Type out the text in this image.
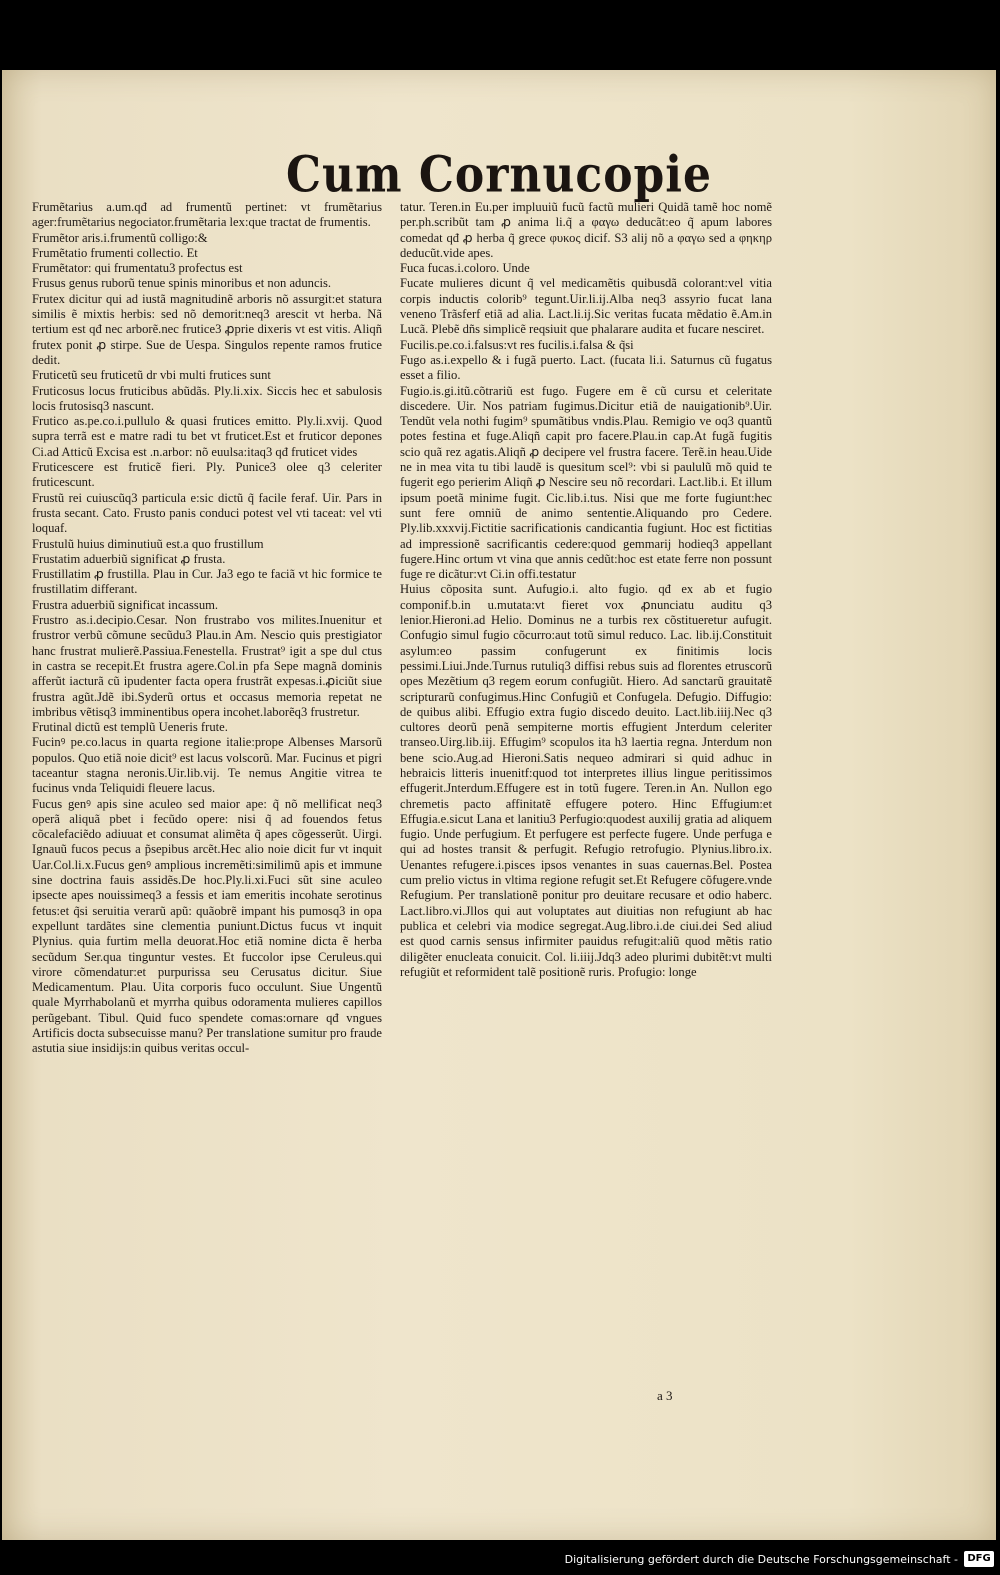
Cum Cornucopie

Frumẽtarius a.um.qđ ad frumentũ pertinet: vt frumẽtarius ager:frumẽtarius negociator.frumẽtaria lex:que tractat de frumentis.

Frumẽtor aris.i.frumentũ colligo:&

Frumẽtatio frumenti collectio. Et

Frumẽtator: qui frumentatu3 profectus est

Frusus genus ruborũ tenue spinis minoribus et non aduncis.

Frutex dicitur qui ad iustã magnitudinẽ arboris nõ assurgit:et statura similis ẽ mixtis herbis: sed nõ demorit:neq3 arescit vt herba. Nã tertium est qđ nec arborẽ.nec frutice3 ꝓprie dixeris vt est vitis. Aliqñ frutex ponit ꝓ stirpe. Sue de Uespa. Singulos repente ramos frutice dedit.

Fruticetũ seu fruticetũ dr vbi multi frutices sunt

Fruticosus locus fruticibus abũdãs. Ply.li.xix. Siccis hec et sabulosis locis frutosisq3 nascunt.

Frutico as.pe.co.i.pullulo & quasi frutices emitto. Ply.li.xvij. Quod supra terrã est e matre radi tu bet vt fruticet.Est et fruticor depones Ci.ad Atticũ Excisa est .n.arbor: nõ euulsa:itaq3 qđ fruticet vides

Fruticescere est fruticẽ fieri. Ply. Punice3 olee q3 celeriter fruticescunt.

Frustũ rei cuiuscũq3 particula e:sic dictũ q̃ facile feraf. Uir. Pars in frusta secant. Cato. Frusto panis conduci potest vel vti taceat: vel vti loquaf.

Frustulũ huius diminutiuũ est.a quo frustillum

Frustatim aduerbiũ significat ꝓ frusta.

Frustillatim ꝓ frustilla. Plau in Cur. Ja3 ego te faciã vt hic formice te frustillatim differant.

Frustra aduerbiũ significat incassum.

Frustro as.i.decipio.Cesar. Non frustrabo vos milites.Inuenitur et frustror verbũ cõmune secũdu3 Plau.in Am. Nescio quis prestigiator hanc frustrat mulierẽ.Passiua.Fenestella. Frustrat⁹ igit a spe dul ctus in castra se recepit.Et frustra agere.Col.in pfa Sepe magnã dominis afferũt iacturã cũ ipudenter facta opera frustrãt expesas.i.ꝓiciũt siue frustra agũt.Jdẽ ibi.Syderũ ortus et occasus memoria repetat ne imbribus vẽtisq3 imminentibus opera incohet.laborẽq3 frustretur.

Frutinal dictũ est templũ Ueneris frute.

Fucinꝰ pe.co.lacus in quarta regione italie:prope Albenses Marsorũ populos. Quo etiã noie dicit⁹ est lacus volscorũ. Mar. Fucinus et pigri taceantur stagna neronis.Uir.lib.vij. Te nemus Angitie vitrea te fucinus vnda Teliquidi fleuere lacus.

Fucus genꝰ apis sine aculeo sed maior ape: q̃ nõ mellificat neq3 operã aliquã pbet i fecũdo opere: nisi q̃ ad fouendos fetus cõcalefaciẽdo adiuuat et consumat alimẽta q̃ apes cõgesserũt. Uirgi. Ignauũ fucos pecus a p̃sepibus arcẽt.Hec alio noie dicit fur vt inquit Uar.Col.li.x.Fucus genꝰ amplious incremẽti:similimũ apis et immune sine doctrina fauis assidẽs.De hoc.Ply.li.xi.Fuci sũt sine aculeo ipsecte apes nouissimeq3 a fessis et iam emeritis incohate serotinus fetus:et q̃si seruitia verarũ apũ: quãobrẽ impant his pumosq3 in opa expellunt tardãtes sine clementia puniunt.Dictus fucus vt inquit Plynius. quia furtim mella deuorat.Hoc etiã nomine dicta ẽ herba secũdum Ser.qua tinguntur vestes. Et fuccolor ipse Ceruleus.qui virore cõmendatur:et purpurissa seu Cerusatus dicitur. Siue Medicamentum. Plau. Uita corporis fuco occulunt. Siue Ungentũ quale Myrrhabolanũ et myrrha quibus odoramenta mulieres capillos perũgebant. Tibul. Quid fuco spendete comas:ornare qđ vngues Artificis docta subsecuisse manu? Per translatione sumitur pro fraude astutia siue insidijs:in quibus veritas occul-

tatur. Teren.in Eu.per impluuiũ fucũ factũ mulieri Quidã tamẽ hoc nomẽ per.ph.scribũt tam ꝓ anima li.q̃ a φαγω deducãt:eo q̃ apum labores comedat qđ ꝓ herba q̃ grece φυκος dicif. S3 alij nõ a φαγω sed a φηκηρ deducũt.vide apes.

Fuca fucas.i.coloro. Unde

Fucate mulieres dicunt q̃ vel medicamẽtis quibusdã colorant:vel vitia corpis inductis colorib⁹ tegunt.Uir.li.ij.Alba neq3 assyrio fucat lana veneno Trãsferf etiã ad alia. Lact.li.ij.Sic veritas fucata mẽdatio ẽ.Am.in Lucã. Plebẽ dñs simplicẽ reqsiuit que phalarare audita et fucare nesciret.

Fucilis.pe.co.i.falsus:vt res fucilis.i.falsa & q̃si

Fugo as.i.expello & i fugã puerto. Lact. (fucata li.i. Saturnus cũ fugatus esset a filio.

Fugio.is.gi.itũ.cõtrariũ est fugo. Fugere em ẽ cũ cursu et celeritate discedere. Uir. Nos patriam fugimus.Dicitur etiã de nauigationib⁹.Uir. Tendũt vela nothi fugim⁹ spumãtibus vndis.Plau. Remigio ve oq3 quantũ potes festina et fuge.Aliqñ capit pro facere.Plau.in cap.At fugã fugitis scio quã rez agatis.Aliqñ ꝓ decipere vel frustra facere. Terẽ.in heau.Uide ne in mea vita tu tibi laudẽ is quesitum scel⁹: vbi si paululũ mõ quid te fugerit ego perierim Aliqñ ꝓ Nescire seu nõ recordari. Lact.lib.i. Et illum ipsum poetã minime fugit. Cic.lib.i.tus. Nisi que me forte fugiunt:hec sunt fere omniũ de animo sententie.Aliquando pro Cedere. Ply.lib.xxxvij.Fictitie sacrificationis candicantia fugiunt. Hoc est fictitias ad impressionẽ sacrificantis cedere:quod gemmarij hodieq3 appellant fugere.Hinc ortum vt vina que annis cedũt:hoc est etate ferre non possunt fuge re dicãtur:vt Ci.in offi.testatur

Huius cõposita sunt. Aufugio.i. alto fugio. qđ ex ab et fugio componif.b.in u.mutata:vt fieret vox ꝓnunciatu auditu q3 lenior.Hieroni.ad Helio. Dominus ne a turbis rex cõstitueretur aufugit. Confugio simul fugio cõcurro:aut totũ simul reduco. Lac. lib.ij.Constituit asylum:eo passim confugerunt ex finitimis locis pessimi.Liui.Jnde.Turnus rutuliq3 diffisi rebus suis ad florentes etruscorũ opes Mezẽtium q3 regem eorum confugiũt. Hiero. Ad sanctarũ grauitatẽ scripturarũ confugimus.Hinc Confugiũ et Confugela. Defugio. Diffugio: de quibus alibi. Effugio extra fugio discedo deuito. Lact.lib.iiij.Nec q3 cultores deorũ penã sempiterne mortis effugient Jnterdum celeriter transeo.Uirg.lib.iij. Effugim⁹ scopulos ita h3 laertia regna. Jnterdum non bene scio.Aug.ad Hieroni.Satis nequeo admirari si quid adhuc in hebraicis litteris inuenitf:quod tot interpretes illius lingue peritissimos effugerit.Jnterdum.Effugere est in totũ fugere. Teren.in An. Nullon ego chremetis pacto affinitatẽ effugere potero. Hinc Effugium:et Effugia.e.sicut Lana et lanitiu3 Perfugio:quodest auxilij gratia ad aliquem fugio. Unde perfugium. Et perfugere est perfecte fugere. Unde perfuga e qui ad hostes transit & perfugit. Refugio retrofugio. Plynius.libro.ix. Uenantes refugere.i.pisces ipsos venantes in suas cauernas.Bel. Postea cum prelio victus in vltima regione refugit set.Et Refugere cõfugere.vnde Refugium. Per translationẽ ponitur pro deuitare recusare et odio haberc. Lact.libro.vi.Jllos qui aut voluptates aut diuitias non refugiunt ab hac publica et celebri via modice segregat.Aug.libro.i.de ciui.dei Sed aliud est quod carnis sensus infirmiter pauidus refugit:aliũ quod mẽtis ratio diligẽter enucleata conuicit. Col. li.iiij.Jdq3 adeo plurimi dubitẽt:vt multi refugiũt et reformident talẽ positionẽ ruris. Profugio: longe

a 3
Digitalisierung gefördert durch die Deutsche Forschungsgemeinschaft - DFG
